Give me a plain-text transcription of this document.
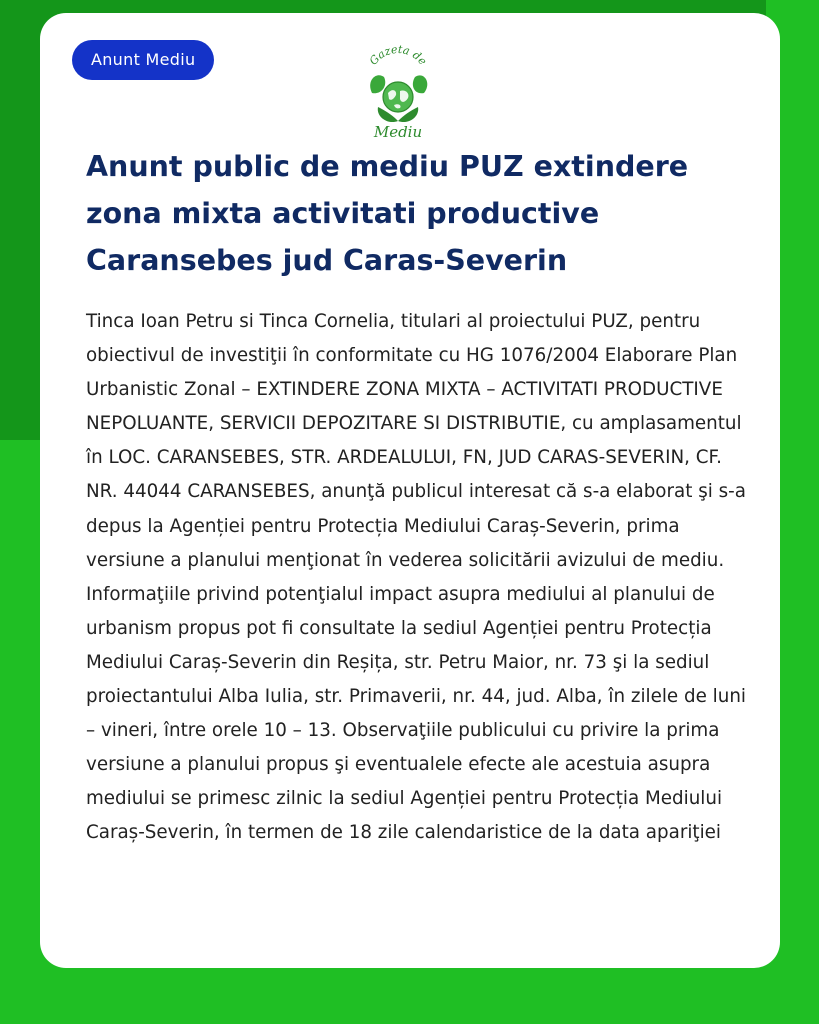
Anunt Mediu	Gazeta de
Mediu
Anunt public de mediu PUZ extindere zona mixta activitati productive Caransebes jud Caras-Severin

Tinca Ioan Petru si Tinca Cornelia, titulari al proiectului PUZ, pentru obiectivul de investiţii în conformitate cu HG 1076/2004 Elaborare Plan Urbanistic Zonal – EXTINDERE ZONA MIXTA – ACTIVITATI PRODUCTIVE NEPOLUANTE, SERVICII DEPOZITARE SI DISTRIBUTIE, cu amplasamentul în LOC. CARANSEBES, STR. ARDEALULUI, FN, JUD CARAS-SEVERIN, CF. NR. 44044 CARANSEBES, anunţă publicul interesat că s-a elaborat şi s-a depus la Agenției pentru Protecția Mediului Caraș-Severin, prima versiune a planului menţionat în vederea solicitării avizului de mediu. Informaţiile privind potenţialul impact asupra mediului al planului de urbanism propus pot fi consultate la sediul Agenției pentru Protecția Mediului Caraș-Severin din Reșița, str. Petru Maior, nr. 73 şi la sediul proiectantului Alba Iulia, str. Primaverii, nr. 44, jud. Alba, în zilele de luni – vineri, între orele 10 – 13. Observaţiile publicului cu privire la prima versiune a planului propus şi eventualele efecte ale acestuia asupra mediului se primesc zilnic la sediul Agenției pentru Protecția Mediului Caraș-Severin, în termen de 18 zile calendaristice de la data apariţiei
